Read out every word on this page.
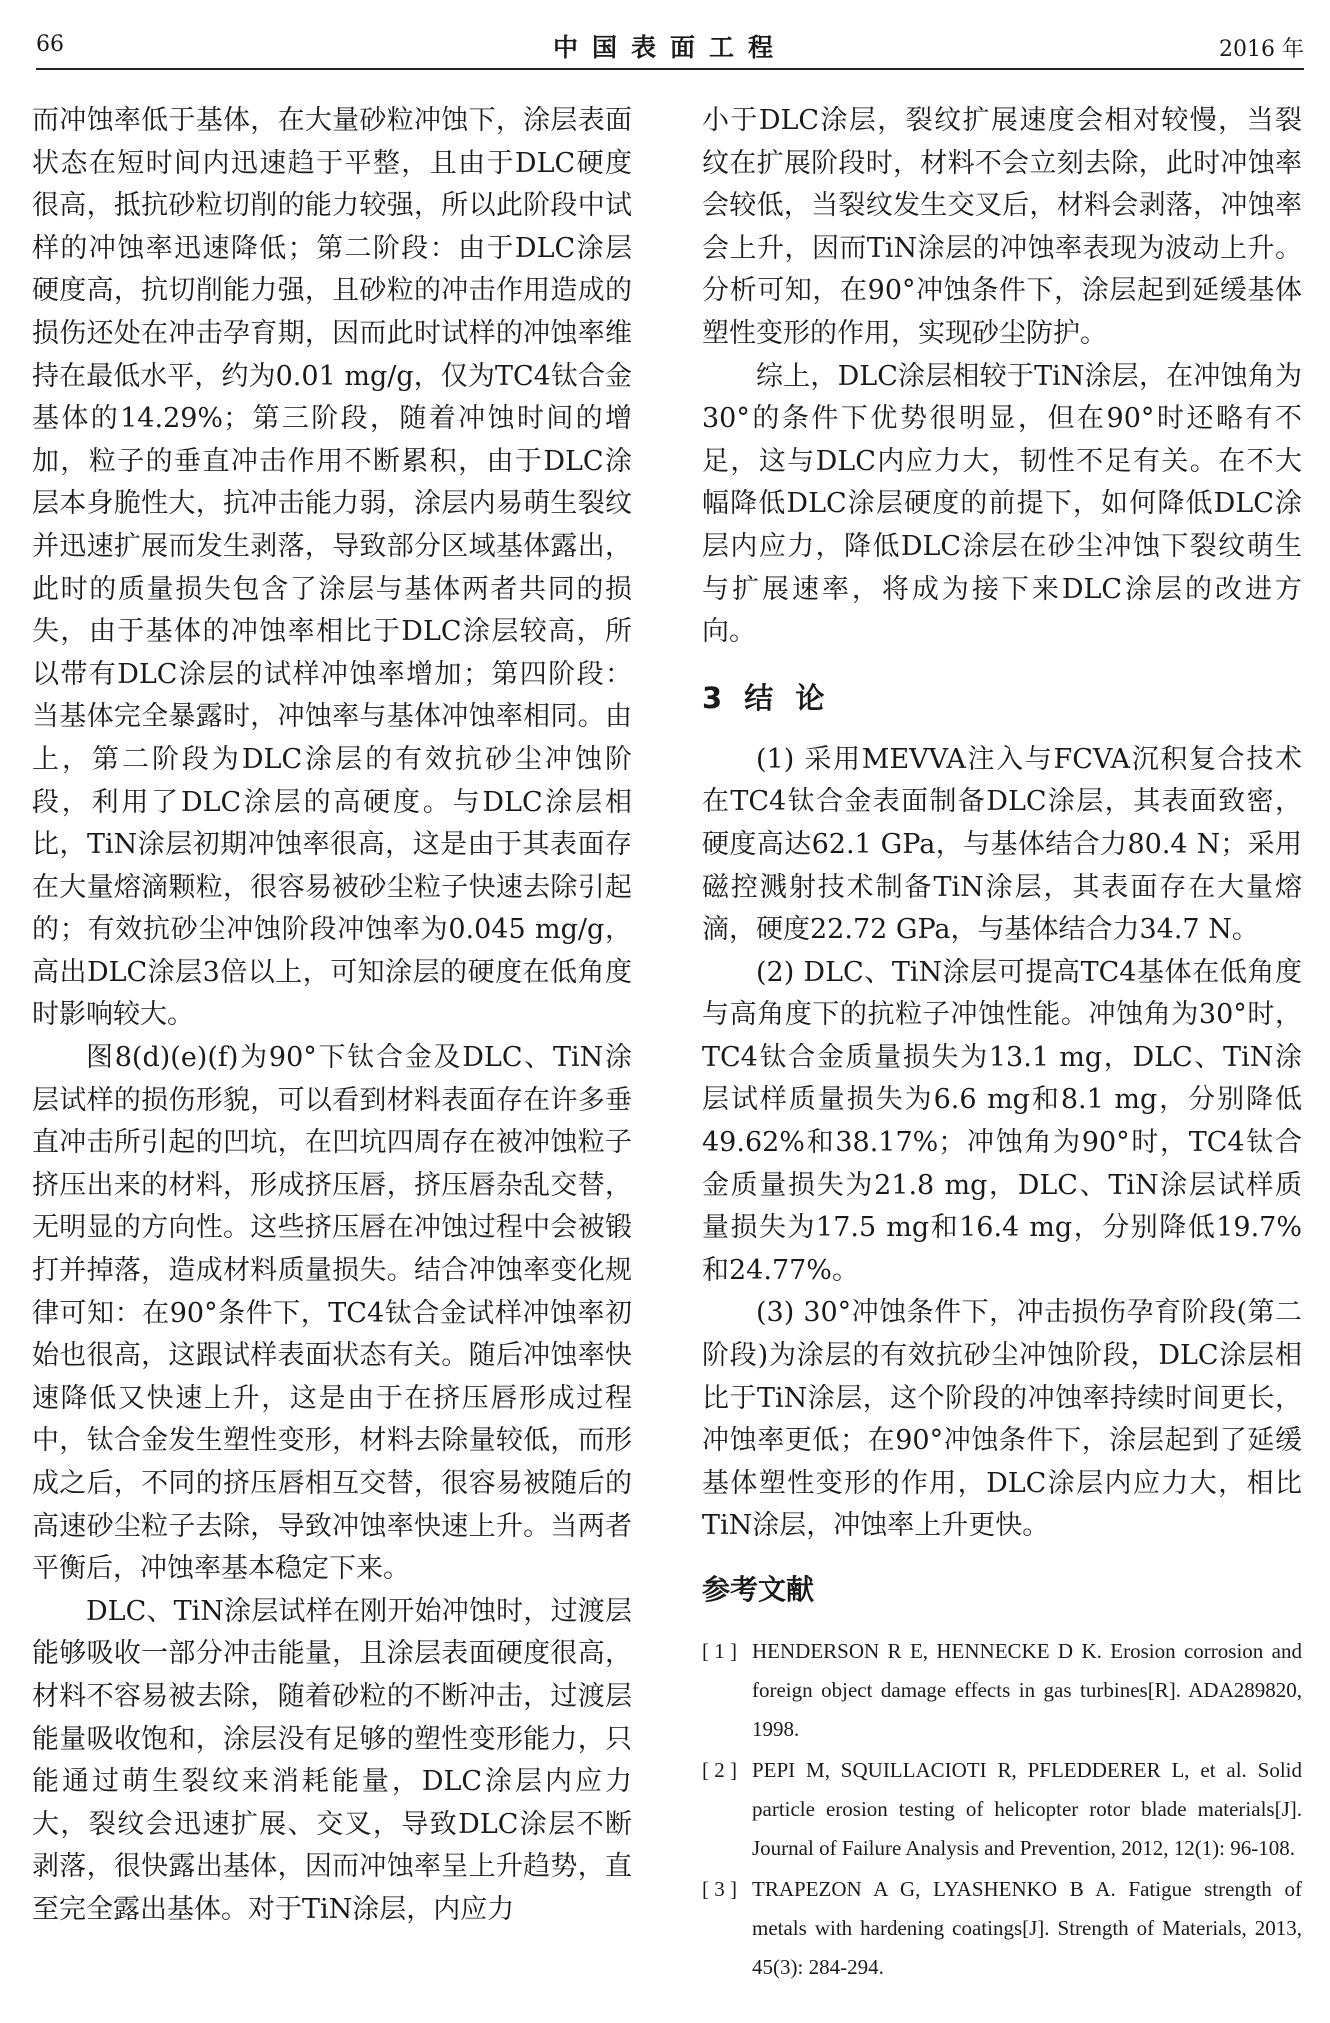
66	中国表面工程	2016 年

而冲蚀率低于基体，在大量砂粒冲蚀下，涂层表面状态在短时间内迅速趋于平整，且由于DLC硬度很高，抵抗砂粒切削的能力较强，所以此阶段中试样的冲蚀率迅速降低；第二阶段：由于DLC涂层硬度高，抗切削能力强，且砂粒的冲击作用造成的损伤还处在冲击孕育期，因而此时试样的冲蚀率维持在最低水平，约为0.01 mg/g，仅为TC4钛合金基体的14.29%；第三阶段，随着冲蚀时间的增加，粒子的垂直冲击作用不断累积，由于DLC涂层本身脆性大，抗冲击能力弱，涂层内易萌生裂纹并迅速扩展而发生剥落，导致部分区域基体露出，此时的质量损失包含了涂层与基体两者共同的损失，由于基体的冲蚀率相比于DLC涂层较高，所以带有DLC涂层的试样冲蚀率增加；第四阶段：当基体完全暴露时，冲蚀率与基体冲蚀率相同。由上，第二阶段为DLC涂层的有效抗砂尘冲蚀阶段，利用了DLC涂层的高硬度。与DLC涂层相比，TiN涂层初期冲蚀率很高，这是由于其表面存在大量熔滴颗粒，很容易被砂尘粒子快速去除引起的；有效抗砂尘冲蚀阶段冲蚀率为0.045 mg/g，高出DLC涂层3倍以上，可知涂层的硬度在低角度时影响较大。

图8(d)(e)(f)为90°下钛合金及DLC、TiN涂层试样的损伤形貌，可以看到材料表面存在许多垂直冲击所引起的凹坑，在凹坑四周存在被冲蚀粒子挤压出来的材料，形成挤压唇，挤压唇杂乱交替，无明显的方向性。这些挤压唇在冲蚀过程中会被锻打并掉落，造成材料质量损失。结合冲蚀率变化规律可知：在90°条件下，TC4钛合金试样冲蚀率初始也很高，这跟试样表面状态有关。随后冲蚀率快速降低又快速上升，这是由于在挤压唇形成过程中，钛合金发生塑性变形，材料去除量较低，而形成之后，不同的挤压唇相互交替，很容易被随后的高速砂尘粒子去除，导致冲蚀率快速上升。当两者平衡后，冲蚀率基本稳定下来。

DLC、TiN涂层试样在刚开始冲蚀时，过渡层能够吸收一部分冲击能量，且涂层表面硬度很高，材料不容易被去除，随着砂粒的不断冲击，过渡层能量吸收饱和，涂层没有足够的塑性变形能力，只能通过萌生裂纹来消耗能量，DLC涂层内应力大，裂纹会迅速扩展、交叉，导致DLC涂层不断剥落，很快露出基体，因而冲蚀率呈上升趋势，直至完全露出基体。对于TiN涂层，内应力

小于DLC涂层，裂纹扩展速度会相对较慢，当裂纹在扩展阶段时，材料不会立刻去除，此时冲蚀率会较低，当裂纹发生交叉后，材料会剥落，冲蚀率会上升，因而TiN涂层的冲蚀率表现为波动上升。分析可知，在90°冲蚀条件下，涂层起到延缓基体塑性变形的作用，实现砂尘防护。

综上，DLC涂层相较于TiN涂层，在冲蚀角为30°的条件下优势很明显，但在90°时还略有不足，这与DLC内应力大，韧性不足有关。在不大幅降低DLC涂层硬度的前提下，如何降低DLC涂层内应力，降低DLC涂层在砂尘冲蚀下裂纹萌生与扩展速率，将成为接下来DLC涂层的改进方向。

3 结 论

(1) 采用MEVVA注入与FCVA沉积复合技术在TC4钛合金表面制备DLC涂层，其表面致密，硬度高达62.1 GPa，与基体结合力80.4 N；采用磁控溅射技术制备TiN涂层，其表面存在大量熔滴，硬度22.72 GPa，与基体结合力34.7 N。

(2) DLC、TiN涂层可提高TC4基体在低角度与高角度下的抗粒子冲蚀性能。冲蚀角为30°时，TC4钛合金质量损失为13.1 mg，DLC、TiN涂层试样质量损失为6.6 mg和8.1 mg，分别降低49.62%和38.17%；冲蚀角为90°时，TC4钛合金质量损失为21.8 mg，DLC、TiN涂层试样质量损失为17.5 mg和16.4 mg，分别降低19.7%和24.77%。

(3) 30°冲蚀条件下，冲击损伤孕育阶段(第二阶段)为涂层的有效抗砂尘冲蚀阶段，DLC涂层相比于TiN涂层，这个阶段的冲蚀率持续时间更长，冲蚀率更低；在90°冲蚀条件下，涂层起到了延缓基体塑性变形的作用，DLC涂层内应力大，相比TiN涂层，冲蚀率上升更快。

参考文献
[ 1 ] HENDERSON R E, HENNECKE D K. Erosion corrosion and foreign object damage effects in gas turbines[R]. ADA289820, 1998.
[ 2 ] PEPI M, SQUILLACIOTI R, PFLEDDERER L, et al. Solid particle erosion testing of helicopter rotor blade materials[J]. Journal of Failure Analysis and Prevention, 2012, 12(1): 96-108.
[ 3 ] TRAPEZON A G, LYASHENKO B A. Fatigue strength of metals with hardening coatings[J]. Strength of Materials, 2013, 45(3): 284-294.
